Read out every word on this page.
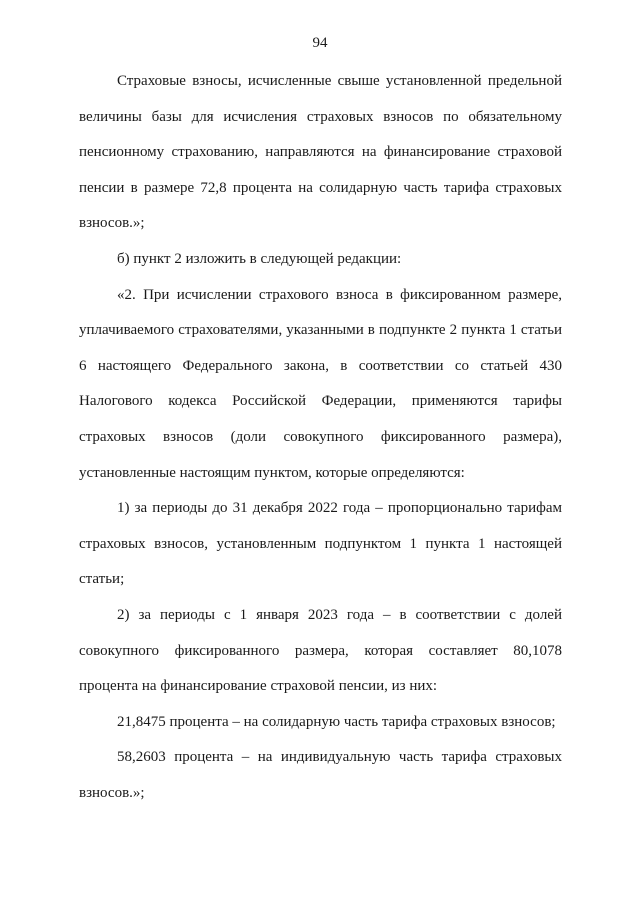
94

Страховые взносы, исчисленные свыше установленной предельной величины базы для исчисления страховых взносов по обязательному пенсионному страхованию, направляются на финансирование страховой пенсии в размере 72,8 процента на солидарную часть тарифа страховых взносов.»;

б) пункт 2 изложить в следующей редакции:

«2. При исчислении страхового взноса в фиксированном размере, уплачиваемого страхователями, указанными в подпункте 2 пункта 1 статьи 6 настоящего Федерального закона, в соответствии со статьей 430 Налогового кодекса Российской Федерации, применяются тарифы страховых взносов (доли совокупного фиксированного размера), установленные настоящим пунктом, которые определяются:

1) за периоды до 31 декабря 2022 года – пропорционально тарифам страховых взносов, установленным подпунктом 1 пункта 1 настоящей статьи;

2) за периоды с 1 января 2023 года – в соответствии с долей совокупного фиксированного размера, которая составляет 80,1078 процента на финансирование страховой пенсии, из них:

21,8475 процента – на солидарную часть тарифа страховых взносов;

58,2603 процента – на индивидуальную часть тарифа страховых взносов.»;
